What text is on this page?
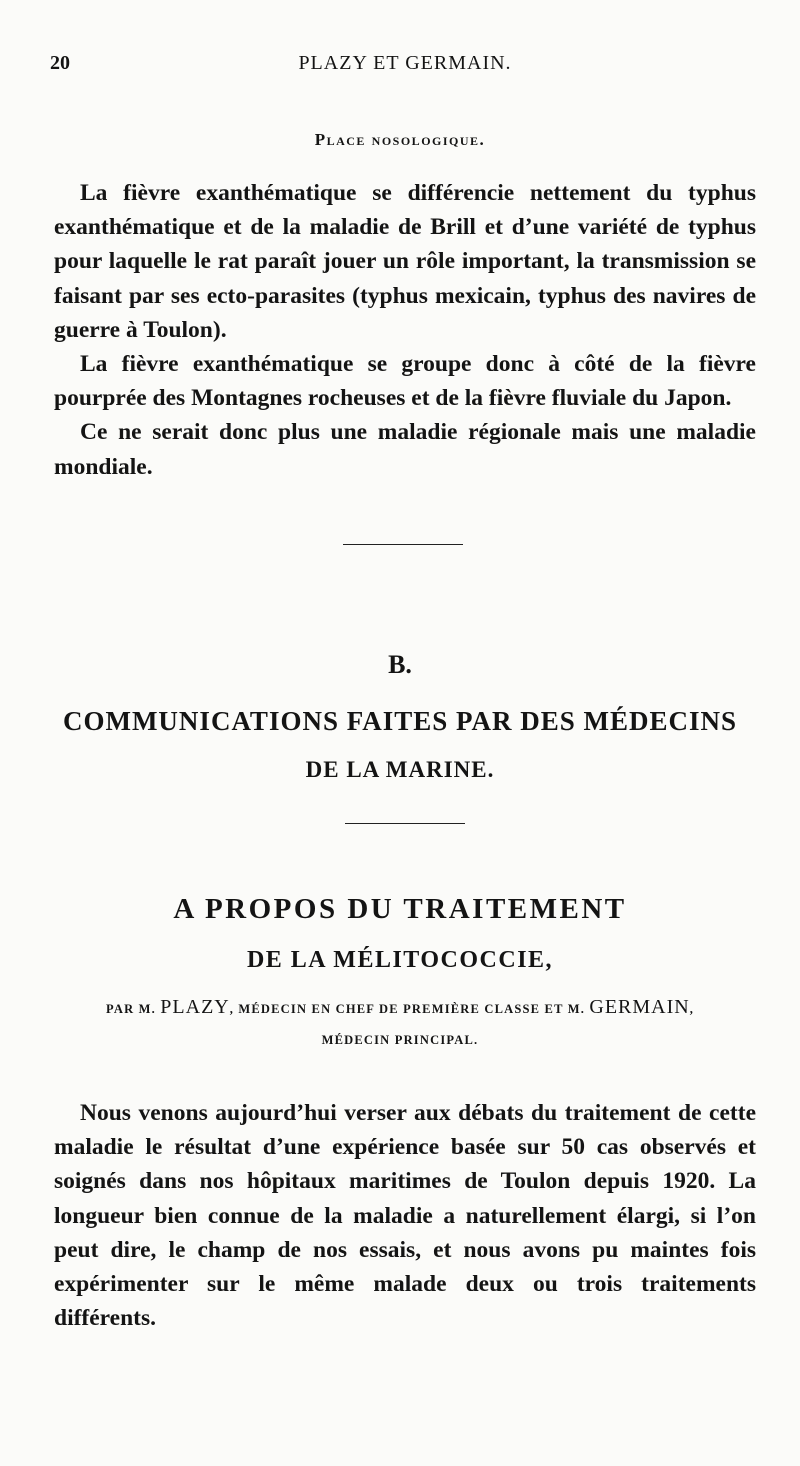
20	PLAZY ET GERMAIN.
Place nosologique.

La fièvre exanthématique se différencie nettement du typhus exanthématique et de la maladie de Brill et d’une variété de typhus pour laquelle le rat paraît jouer un rôle important, la transmission se faisant par ses ecto-parasites (typhus mexicain, typhus des navires de guerre à Toulon).

La fièvre exanthématique se groupe donc à côté de la fièvre pourprée des Montagnes rocheuses et de la fièvre fluviale du Japon.

Ce ne serait donc plus une maladie régionale mais une maladie mondiale.

B.
COMMUNICATIONS FAITES PAR DES MÉDECINS
DE LA MARINE.
A PROPOS DU TRAITEMENT
DE LA MÉLITOCOCCIE,
PAR M. PLAZY, MÉDECIN EN CHEF DE PREMIÈRE CLASSE ET M. GERMAIN,
MÉDECIN PRINCIPAL.

Nous venons aujourd’hui verser aux débats du traitement de cette maladie le résultat d’une expérience basée sur 50 cas observés et soignés dans nos hôpitaux maritimes de Toulon depuis 1920. La longueur bien connue de la maladie a naturellement élargi, si l’on peut dire, le champ de nos essais, et nous avons pu maintes fois expérimenter sur le même malade deux ou trois traitements différents.
